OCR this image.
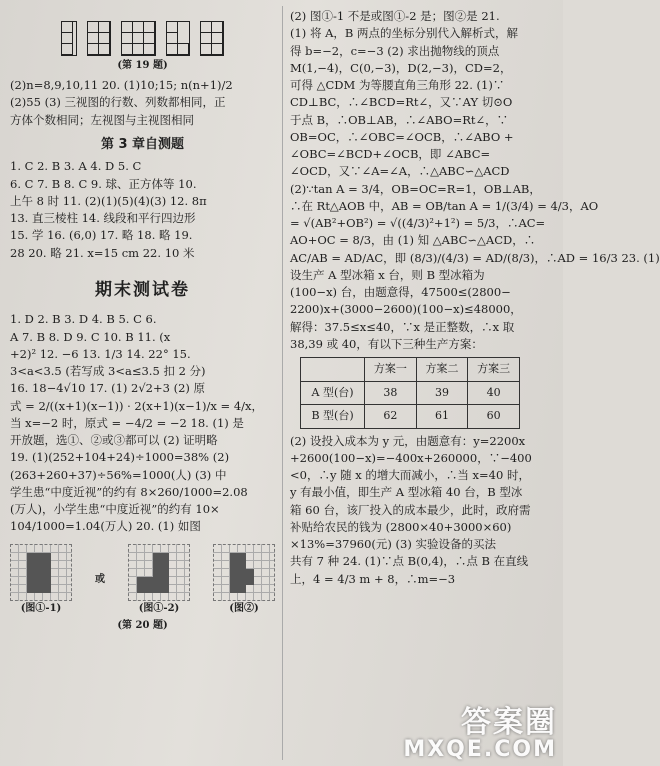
(第 19 题)

(2)n=8,9,10,11 20. (1)10;15; n(n+1)/2

(2)55 (3) 三视图的行数、列数都相同，正

方体个数相同；左视图与主视图相同

第 3 章自测题

1. C 2. B 3. A 4. D 5. C

6. C 7. B 8. C 9. 球、正方体等 10.

上午 8 时 11. (2)(1)(5)(4)(3) 12. 8π

13. 直三棱柱 14. 线段和平行四边形

15. 学 16. (6,0) 17. 略 18. 略 19.

28 20. 略 21. x=15 cm 22. 10 米

期末测试卷

1. D 2. B 3. D 4. B 5. C 6.

A 7. B 8. D 9. C 10. B 11. (x

+2)² 12. −6 13. 1/3 14. 22° 15.

3<a<3.5 (若写成 3<a≤3.5 扣 2 分)

16. 18−4√10 17. (1) 2√2+3 (2) 原

式 = 2/((x+1)(x−1)) · 2(x+1)(x−1)/x = 4/x，

当 x=−2 时，原式 = −4/2 = −2 18. (1) 是

开放题，选①、②或③都可以 (2) 证明略

19. (1)(252+104+24)÷1000=38% (2)

(263+260+37)÷56%=1000(人) (3) 中

学生患“中度近视”的约有 8×260/1000=2.08

(万人)，小学生患“中度近视”的约有 10×

104/1000=1.04(万人) 20. (1) 如图

(图①-1)
或
(图①-2)	(图②)

(第 20 题)

(2) 图①-1 不是或图①-2 是；图②是 21.

(1) 将 A，B 两点的坐标分别代入解析式，解

得 b=−2，c=−3 (2) 求出抛物线的顶点

M(1,−4)，C(0,−3)，D(2,−3)，CD=2，

可得 △CDM 为等腰直角三角形 22. (1)∵

CD⊥BC，∴∠BCD=Rt∠，又∵AY 切⊙O

于点 B，∴OB⊥AB，∴∠ABO=Rt∠，∵

OB=OC，∴∠OBC=∠OCB，∴∠ABO +

∠OBC=∠BCD+∠OCB，即 ∠ABC=

∠OCD，又∵∠A=∠A，∴△ABC∽△ACD

(2)∵tan A = 3/4，OB=OC=R=1，OB⊥AB，

∴在 Rt△AOB 中，AB = OB/tan A = 1/(3/4) = 4/3，AO

= √(AB²+OB²) = √((4/3)²+1²) = 5/3，∴AC=

AO+OC = 8/3，由 (1) 知 △ABC∽△ACD，∴

AC/AB = AD/AC，即 (8/3)/(4/3) = AD/(8/3)，∴AD = 16/3 23. (1)

设生产 A 型冰箱 x 台，则 B 型冰箱为

(100−x) 台，由题意得，47500≤(2800−

2200)x+(3000−2600)(100−x)≤48000，

解得：37.5≤x≤40，∵x 是正整数，∴x 取

38,39 或 40，有以下三种生产方案：

	方案一	方案二	方案三
A 型(台)	38	39	40
B 型(台)	62	61	60

(2) 设投入成本为 y 元，由题意有：y=2200x

+2600(100−x)=−400x+260000，∵−400

<0，∴y 随 x 的增大而减小，∴当 x=40 时，

y 有最小值，即生产 A 型冰箱 40 台，B 型冰

箱 60 台，该厂投入的成本最少，此时，政府需

补贴给农民的钱为 (2800×40+3000×60)

×13%=37960(元) (3) 实验设备的买法

共有 7 种 24. (1)∵点 B(0,4)，∴点 B 在直线

上，4 = 4/3 m + 8，∴m=−3

答案圈
MXQE.COM
